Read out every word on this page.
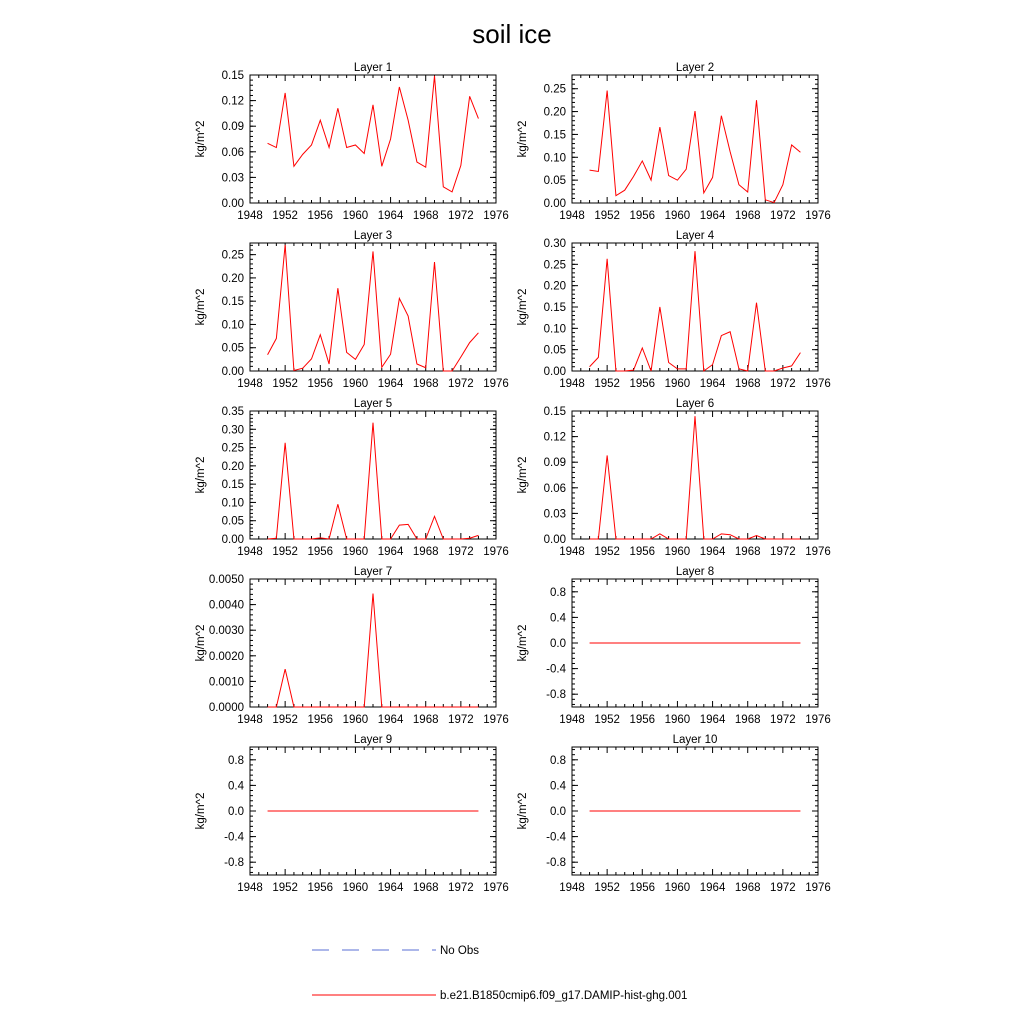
soil ice
Layer 1
1948 1952 1956 1960 1964 1968 1972 1976
0.00
0.03
0.06
0.09
0.12
0.15
kg/m^2
Layer 2
1948 1952 1956 1960 1964 1968 1972 1976
0.00
0.05
0.10
0.15
0.20
0.25
kg/m^2
Layer 3
1948 1952 1956 1960 1964 1968 1972 1976
0.00
0.05
0.10
0.15
0.20
0.25
kg/m^2
Layer 4
1948 1952 1956 1960 1964 1968 1972 1976
0.00
0.05
0.10
0.15
0.20
0.25
0.30
kg/m^2
Layer 5
1948 1952 1956 1960 1964 1968 1972 1976
0.00
0.05
0.10
0.15
0.20
0.25
0.30
0.35
kg/m^2
Layer 6
1948 1952 1956 1960 1964 1968 1972 1976
0.00
0.03
0.06
0.09
0.12
0.15
kg/m^2
Layer 7
1948 1952 1956 1960 1964 1968 1972 1976
0.0000
0.0010
0.0020
0.0030
0.0040
0.0050
kg/m^2
Layer 8
1948 1952 1956 1960 1964 1968 1972 1976
-0.8
-0.4
0.0
0.4
0.8
kg/m^2
Layer 9
1948 1952 1956 1960 1964 1968 1972 1976
-0.8
-0.4
0.0
0.4
0.8
kg/m^2
Layer 10
1948 1952 1956 1960 1964 1968 1972 1976
-0.8
-0.4
0.0
0.4
0.8
kg/m^2
No Obs
b.e21.B1850cmip6.f09_g17.DAMIP-hist-ghg.001
